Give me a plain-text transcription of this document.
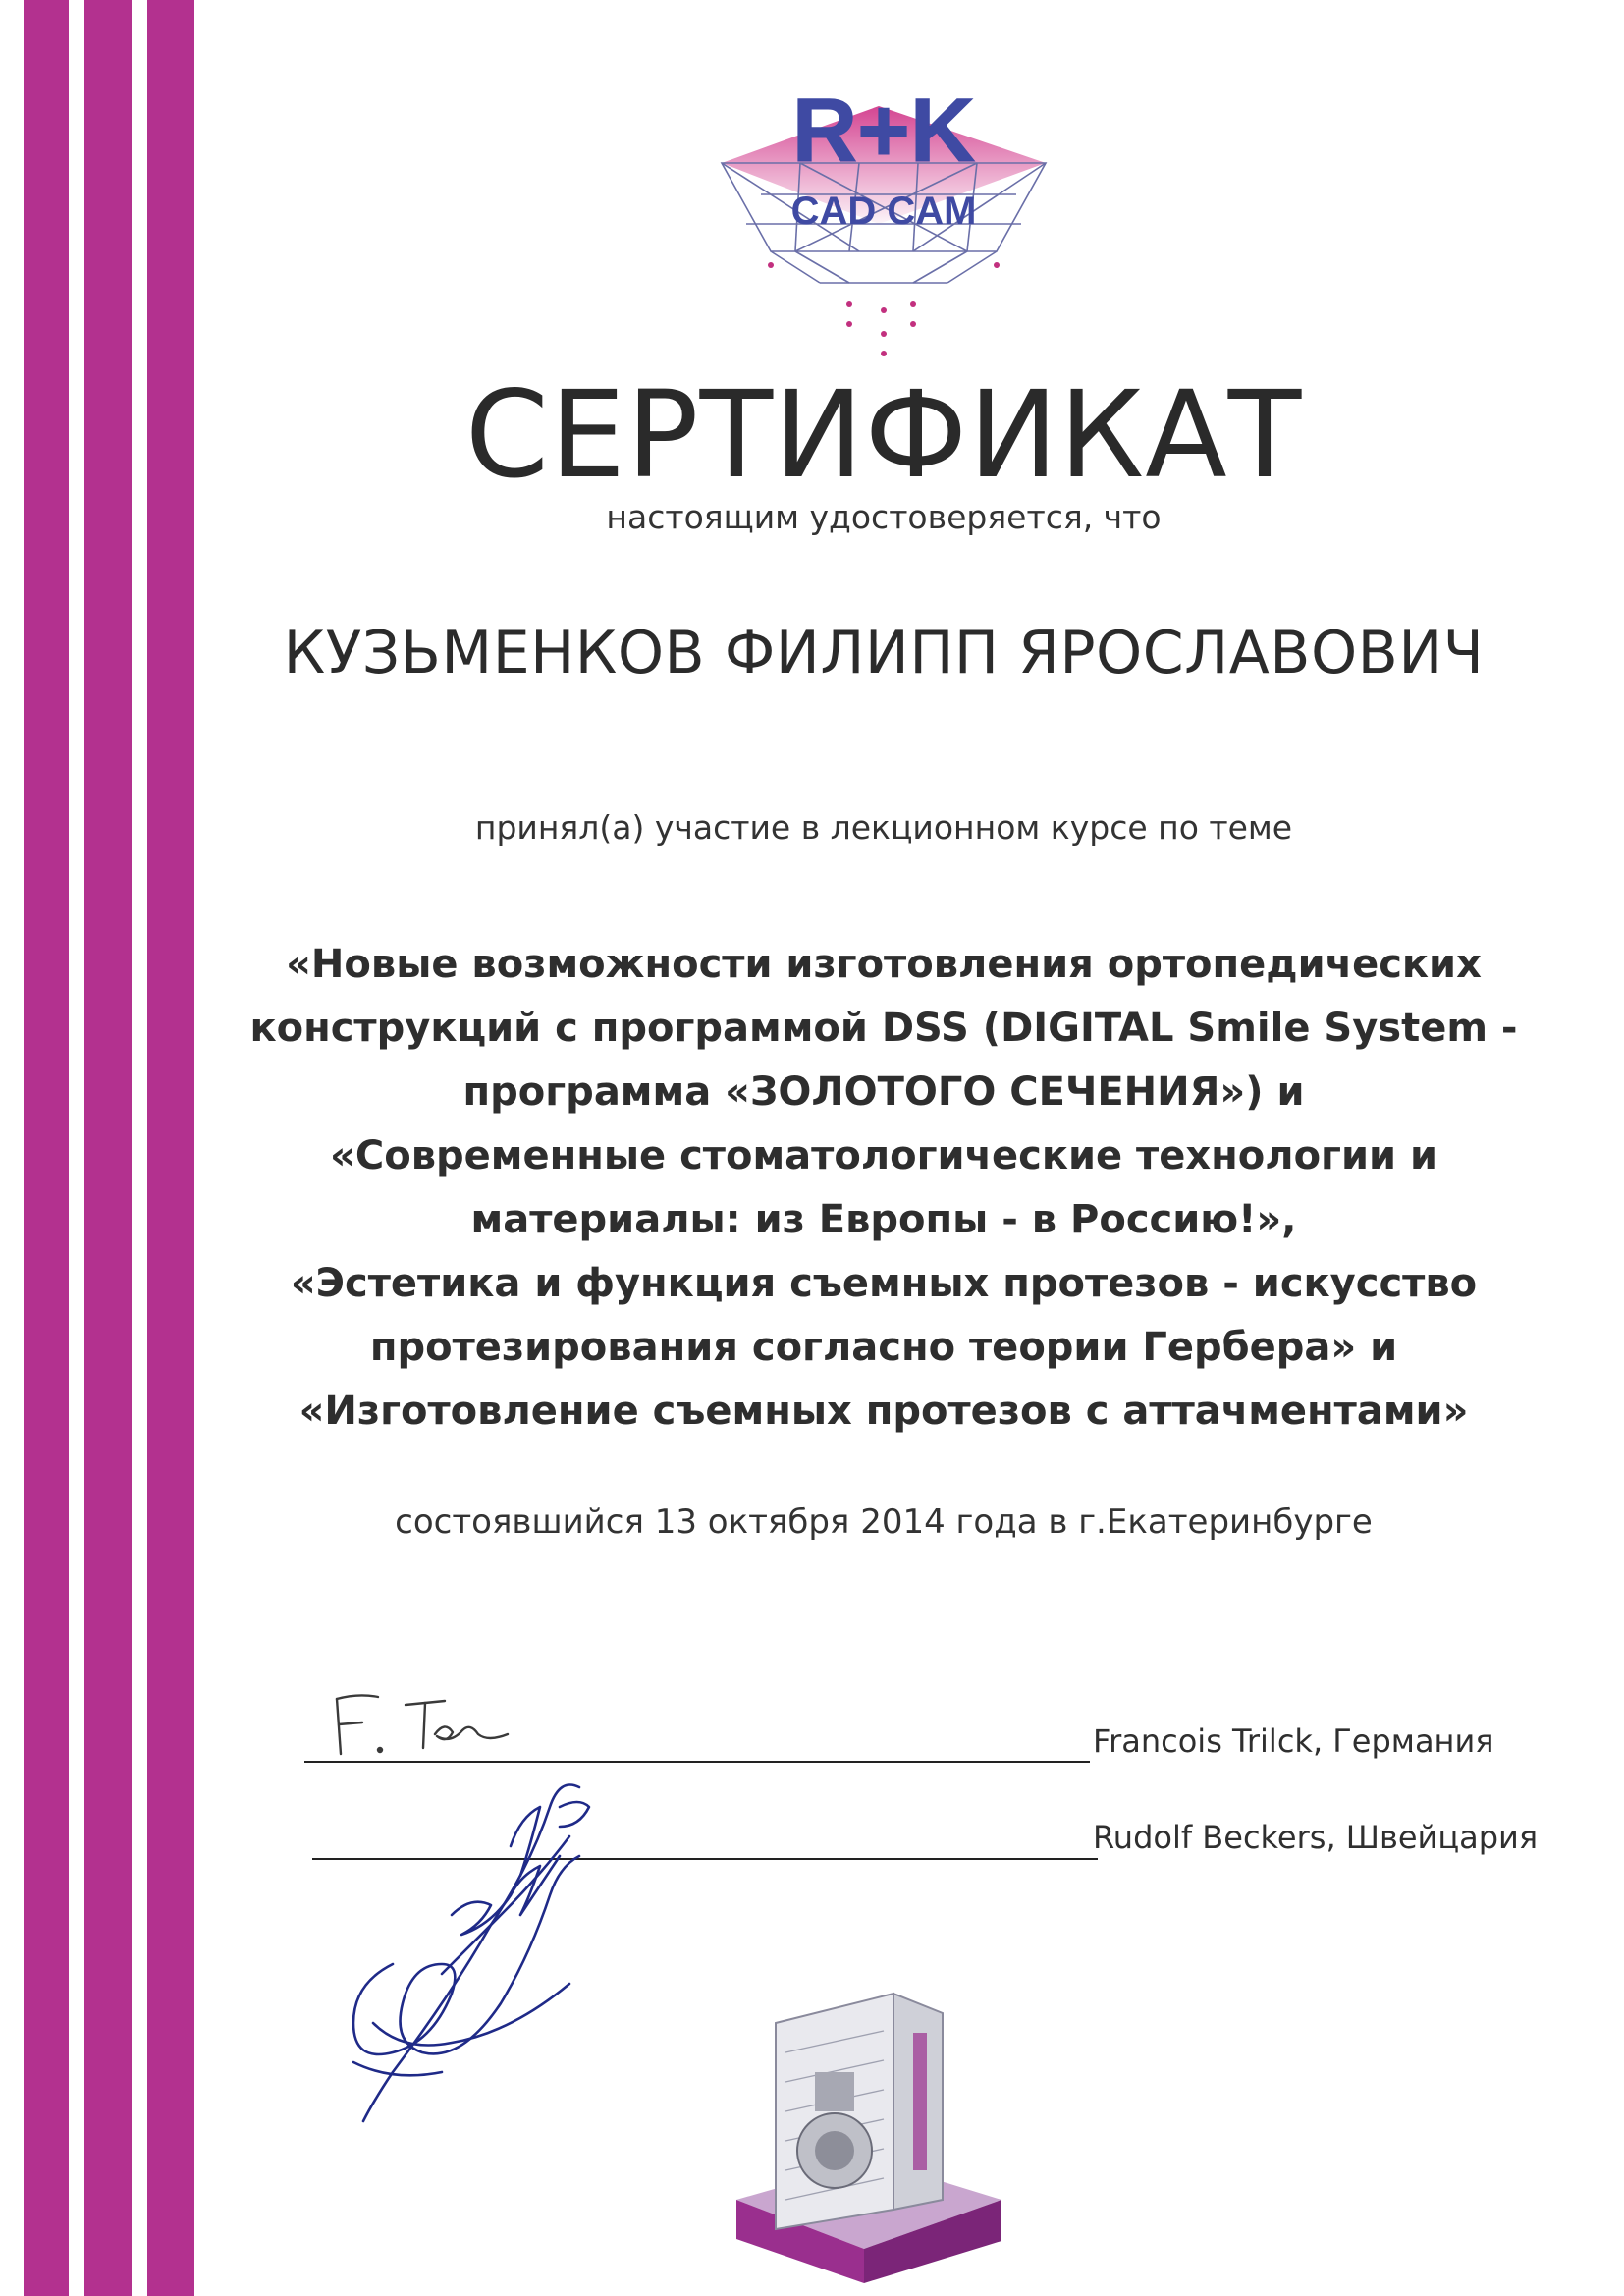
R+K
CAD CAM
СЕРТИФИКАТ
настоящим удостоверяется, что
КУЗЬМЕНКОВ ФИЛИПП ЯРОСЛАВОВИЧ
принял(а) участие в лекционном курсе по теме
«Новые возможности изготовления ортопедических
конструкций с программой DSS (DIGITAL Smile System -
программа «ЗОЛОТОГО СЕЧЕНИЯ») и
«Современные стоматологические технологии и
материалы: из Европы - в Россию!»,
«Эстетика и функция съемных протезов - искусство
протезирования согласно теории Гербера» и
«Изготовление съемных протезов с аттачментами»
состоявшийся 13 октября 2014 года в г.Екатеринбурге
Francois Trilck, Германия
Rudolf Beckers, Швейцария
